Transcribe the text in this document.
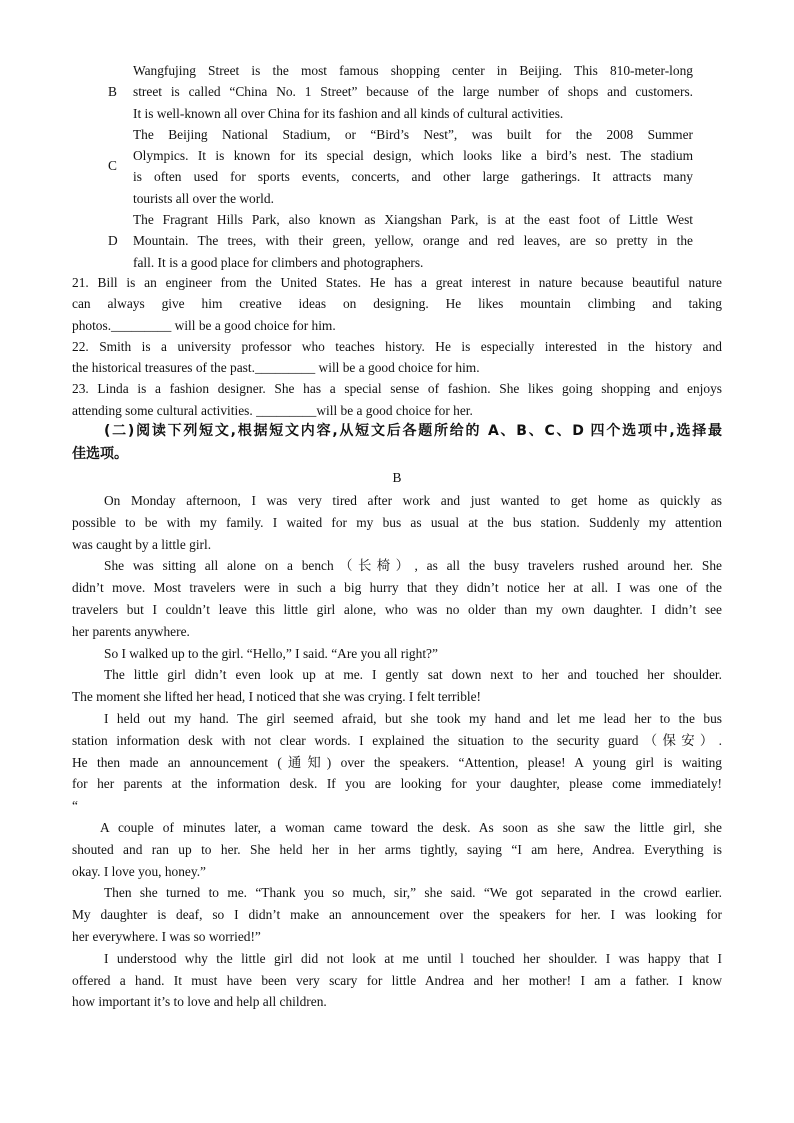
B
Wangfujing Street is the most famous shopping center in Beijing. This 810-meter-long
street is called “China No. 1 Street” because of the large number of shops and customers.
It is well-known all over China for its fashion and all kinds of cultural activities.
C
The Beijing National Stadium, or “Bird’s Nest”, was built for the 2008 Summer
Olympics. It is known for its special design, which looks like a bird’s nest. The stadium
is often used for sports events, concerts, and other large gatherings. It attracts many
tourists all over the world.
D
The Fragrant Hills Park, also known as Xiangshan Park, is at the east foot of Little West
Mountain. The trees, with their green, yellow, orange and red leaves, are so pretty in the
fall. It is a good place for climbers and photographers.
21. Bill is an engineer from the United States. He has a great interest in nature because beautiful nature
can always give him creative ideas on designing. He likes mountain climbing and taking
photos._________ will be a good choice for him.
22. Smith is a university professor who teaches history. He is especially interested in the history and
the historical treasures of the past._________ will be a good choice for him.
23. Linda is a fashion designer. She has a special sense of fashion. She likes going shopping and enjoys
attending some cultural activities. _________will be a good choice for her.
(二)阅读下列短文,根据短文内容,从短文后各题所给的 A、B、C、D 四个选项中,选择最
佳选项。
B
On Monday afternoon, I was very tired after work and just wanted to get home as quickly as
possible to be with my family. I waited for my bus as usual at the bus station. Suddenly my attention
was caught by a little girl.
She was sitting all alone on a bench（长椅）, as all the busy travelers rushed around her. She
didn’t move. Most travelers were in such a big hurry that they didn’t notice her at all. I was one of the
travelers but I couldn’t leave this little girl alone, who was no older than my own daughter. I didn’t see
her parents anywhere.
So I walked up to the girl. “Hello,” I said. “Are you all right?”
The little girl didn’t even look up at me. I gently sat down next to her and touched her shoulder.
The moment she lifted her head, I noticed that she was crying. I felt terrible!
I held out my hand. The girl seemed afraid, but she took my hand and let me lead her to the bus
station information desk with not clear words. I explained the situation to the security guard（保安）.
He then made an announcement (通知) over the speakers. “Attention, please! A young girl is waiting
for her parents at the information desk. If you are looking for your daughter, please come immediately!
“
A couple of minutes later, a woman came toward the desk. As soon as she saw the little girl, she
shouted and ran up to her. She held her in her arms tightly, saying “I am here, Andrea. Everything is
okay. I love you, honey.”
Then she turned to me. “Thank you so much, sir,” she said. “We got separated in the crowd earlier.
My daughter is deaf, so I didn’t make an announcement over the speakers for her. I was looking for
her everywhere. I was so worried!”
I understood why the little girl did not look at me until l touched her shoulder. I was happy that I
offered a hand. It must have been very scary for little Andrea and her mother! I am a father. I know
how important it’s to love and help all children.
